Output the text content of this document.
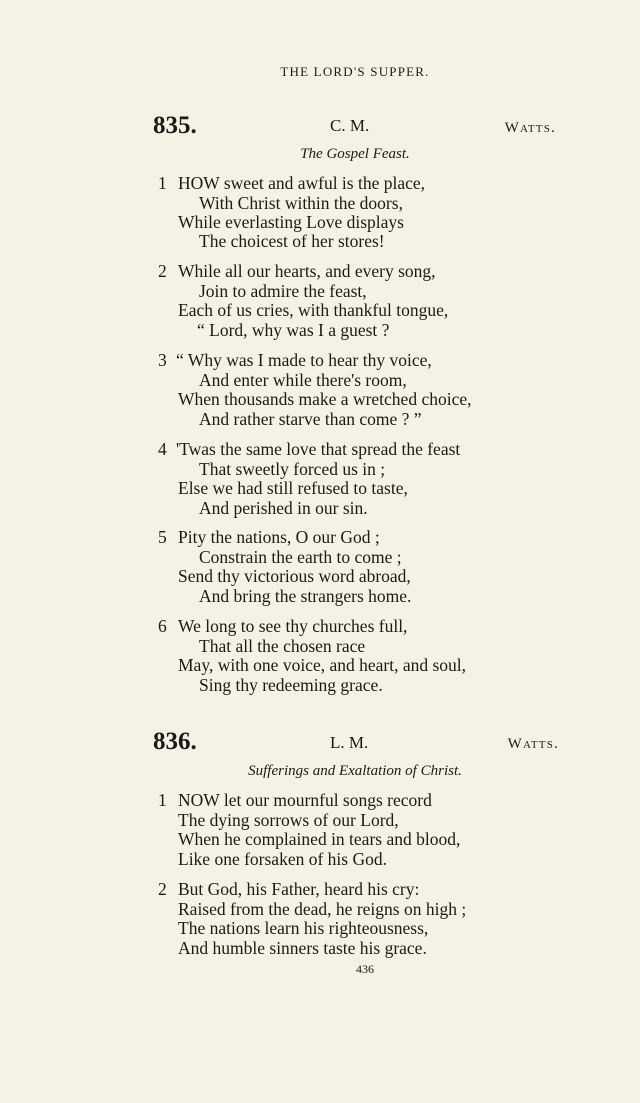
THE LORD'S SUPPER.
835.	C. M.	Watts.
The Gospel Feast.
1 HOW sweet and awful is the place,
With Christ within the doors,
While everlasting Love displays
The choicest of her stores!
2 While all our hearts, and every song,
Join to admire the feast,
Each of us cries, with thankful tongue,
“ Lord, why was I a guest ?
3 “ Why was I made to hear thy voice,
And enter while there's room,
When thousands make a wretched choice,
And rather starve than come ? ”
4 'Twas the same love that spread the feast
That sweetly forced us in ;
Else we had still refused to taste,
And perished in our sin.
5 Pity the nations, O our God ;
Constrain the earth to come ;
Send thy victorious word abroad,
And bring the strangers home.
6 We long to see thy churches full,
That all the chosen race
May, with one voice, and heart, and soul,
Sing thy redeeming grace.
836.	L. M.	Watts.
Sufferings and Exaltation of Christ.
1 NOW let our mournful songs record
The dying sorrows of our Lord,
When he complained in tears and blood,
Like one forsaken of his God.
2 But God, his Father, heard his cry:
Raised from the dead, he reigns on high ;
The nations learn his righteousness,
And humble sinners taste his grace.
436
